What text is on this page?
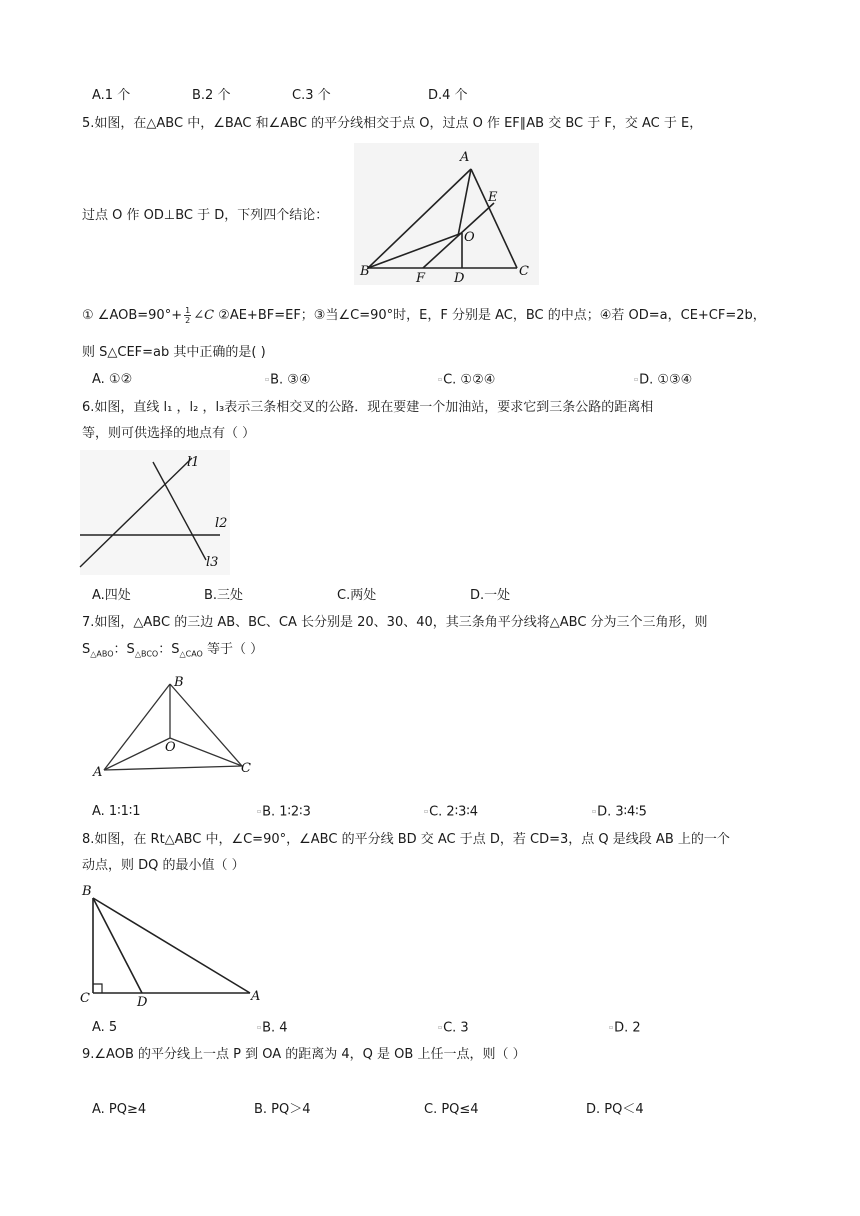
A.1 个	B.2 个	C.3 个	D.4 个
5.如图，在△ABC 中，∠BAC 和∠ABC 的平分线相交于点 O，过点 O 作 EF∥AB 交 BC 于 F，交 AC 于 E，
A
E
O
B	F D	C
过点 O 作 OD⊥BC 于 D，下列四个结论：
① ∠AOB=90°+ $\frac{1}{2}$ ∠C ②AE+BF=EF；③当∠C=90°时，E，F 分别是 AC，BC 的中点；④若 OD=a，CE+CF=2b，
则 S△CEF=ab 其中正确的是( )
A. ①②	▫B. ③④	▫C. ①②④	▫D. ①③④
6.如图，直线 l₁ ，l₂ ，l₃表示三条相交叉的公路．现在要建一个加油站，要求它到三条公路的距离相
等，则可供选择的地点有（ ）
l1
l2
l3
A.四处	B.三处	C.两处	D.一处
7.如图，△ABC 的三边 AB、BC、CA 长分别是 20、30、40，其三条角平分线将△ABC 分为三个三角形，则
$S_{\triangle ABO}$：$S_{\triangle BCO}$：$S_{\triangle CAO}$ 等于（ ）
B
O
A	C
A. 1∶1∶1	▫B. 1∶2∶3	▫C. 2∶3∶4	▫D. 3∶4∶5
8.如图，在 Rt△ABC 中，∠C=90°，∠ABC 的平分线 BD 交 AC 于点 D，若 CD=3，点 Q 是线段 AB 上的一个
动点，则 DQ 的最小值（ ）
B
C	D	A
A. 5	▫B. 4	▫C. 3	▫D. 2
9.∠AOB 的平分线上一点 P 到 OA 的距离为 4，Q 是 OB 上任一点，则（ ）
A. PQ≥4	B. PQ＞4	C. PQ≤4	D. PQ＜4
